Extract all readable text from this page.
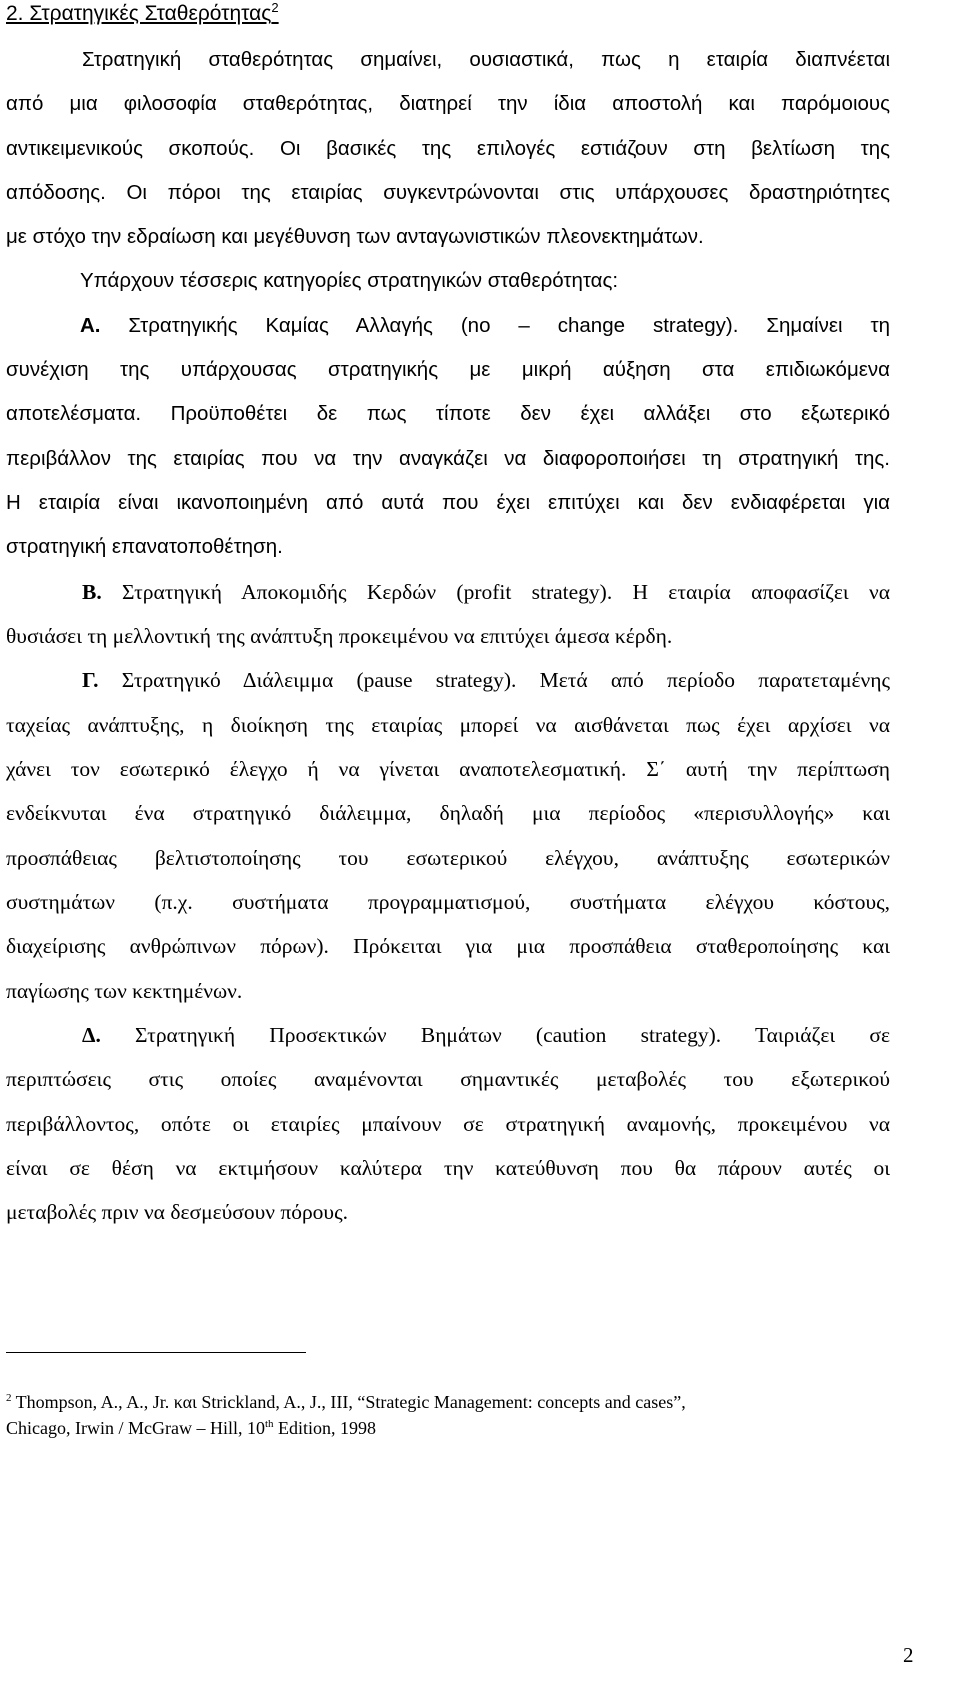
2. Στρατηγικές Σταθερότητας$^2$
Στρατηγική σταθερότητας σημαίνει, ουσιαστικά, πως η εταιρία διαπνέεται
από μια φιλοσοφία σταθερότητας, διατηρεί την ίδια αποστολή και παρόμοιους
αντικειμενικούς σκοπούς. Οι βασικές της επιλογές εστιάζουν στη βελτίωση της
απόδοσης. Οι πόροι της εταιρίας συγκεντρώνονται στις υπάρχουσες δραστηριότητες
με στόχο την εδραίωση και μεγέθυνση των ανταγωνιστικών πλεονεκτημάτων.
Υπάρχουν τέσσερις κατηγορίες στρατηγικών σταθερότητας:
Α. Στρατηγικής Καμίας Αλλαγής (no – change strategy). Σημαίνει τη
συνέχιση της υπάρχουσας στρατηγικής με μικρή αύξηση στα επιδιωκόμενα
αποτελέσματα. Προϋποθέτει δε πως τίποτε δεν έχει αλλάξει στο εξωτερικό
περιβάλλον της εταιρίας που να την αναγκάζει να διαφοροποιήσει τη στρατηγική της.
Η εταιρία είναι ικανοποιημένη από αυτά που έχει επιτύχει και δεν ενδιαφέρεται για
στρατηγική επανατοποθέτηση.
Β. Στρατηγική Αποκομιδής Κερδών (profit strategy). Η εταιρία αποφασίζει να
θυσιάσει τη μελλοντική της ανάπτυξη προκειμένου να επιτύχει άμεσα κέρδη.
Γ. Στρατηγικό Διάλειμμα (pause strategy). Μετά από περίοδο παρατεταμένης
ταχείας ανάπτυξης, η διοίκηση της εταιρίας μπορεί να αισθάνεται πως έχει αρχίσει να
χάνει τον εσωτερικό έλεγχο ή να γίνεται αναποτελεσματική. Σ΄ αυτή την περίπτωση
ενδείκνυται ένα στρατηγικό διάλειμμα, δηλαδή μια περίοδος «περισυλλογής» και
προσπάθειας βελτιστοποίησης του εσωτερικού ελέγχου, ανάπτυξης εσωτερικών
συστημάτων (π.χ. συστήματα προγραμματισμού, συστήματα ελέγχου κόστους,
διαχείρισης ανθρώπινων πόρων). Πρόκειται για μια προσπάθεια σταθεροποίησης και
παγίωσης των κεκτημένων.
Δ. Στρατηγική Προσεκτικών Βημάτων (caution strategy). Ταιριάζει σε
περιπτώσεις στις οποίες αναμένονται σημαντικές μεταβολές του εξωτερικού
περιβάλλοντος, οπότε οι εταιρίες μπαίνουν σε στρατηγική αναμονής, προκειμένου να
είναι σε θέση να εκτιμήσουν καλύτερα την κατεύθυνση που θα πάρουν αυτές οι
μεταβολές πριν να δεσμεύσουν πόρους.
$^2$ Thompson, A., A., Jr. και Strickland, A., J., III, “Strategic Management: concepts and cases”,
Chicago, Irwin / McGraw – Hill, 10th Edition, 1998
2
